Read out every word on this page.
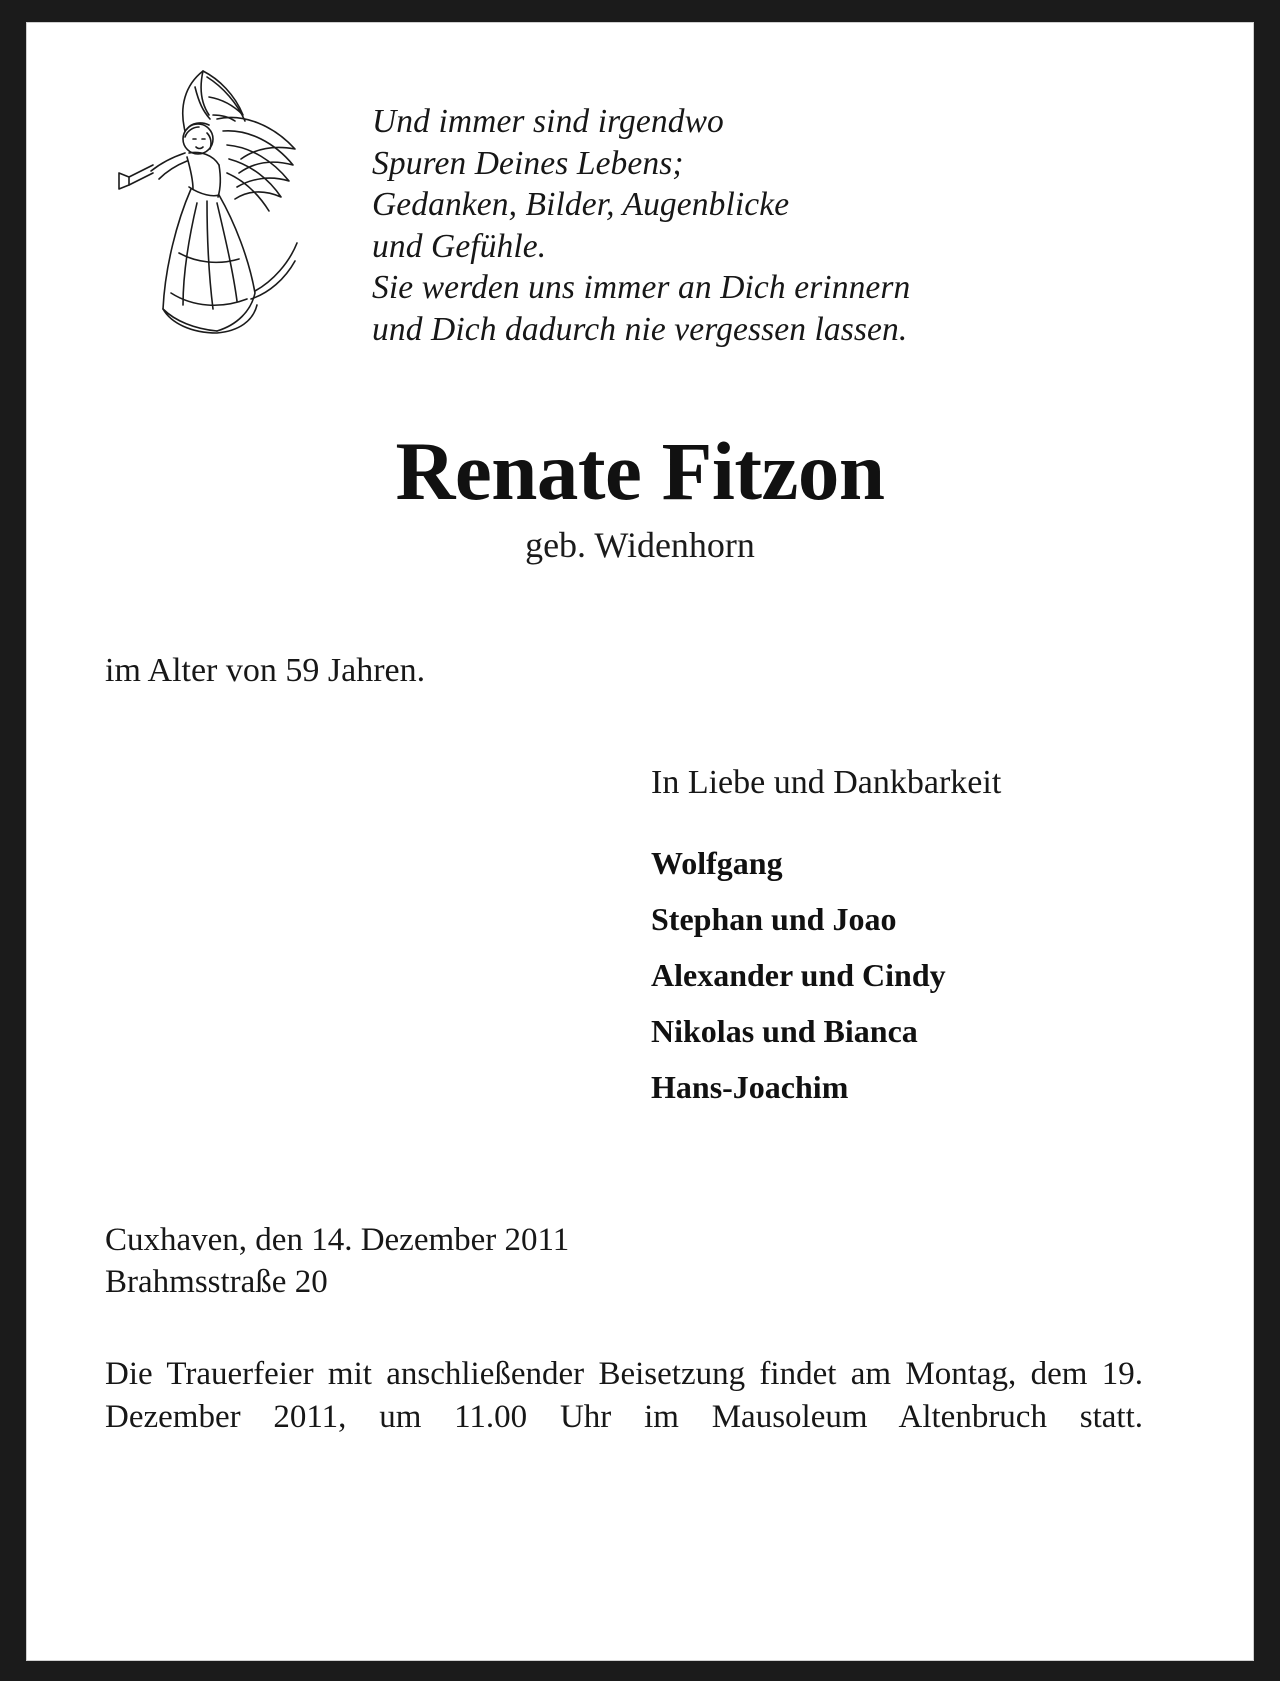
Und immer sind irgendwo
Spuren Deines Lebens;
Gedanken, Bilder, Augenblicke
und Gefühle.
Sie werden uns immer an Dich erinnern
und Dich dadurch nie vergessen lassen.
Renate Fitzon
geb. Widenhorn
im Alter von 59 Jahren.
In Liebe und Dankbarkeit
Wolfgang
Stephan und Joao
Alexander und Cindy
Nikolas und Bianca
Hans-Joachim
Cuxhaven, den 14. Dezember 2011
Brahmsstraße 20

Die Trauerfeier mit anschließender Beisetzung findet am Montag, dem 19. Dezember 2011, um 11.00 Uhr im Mausoleum Altenbruch statt.
